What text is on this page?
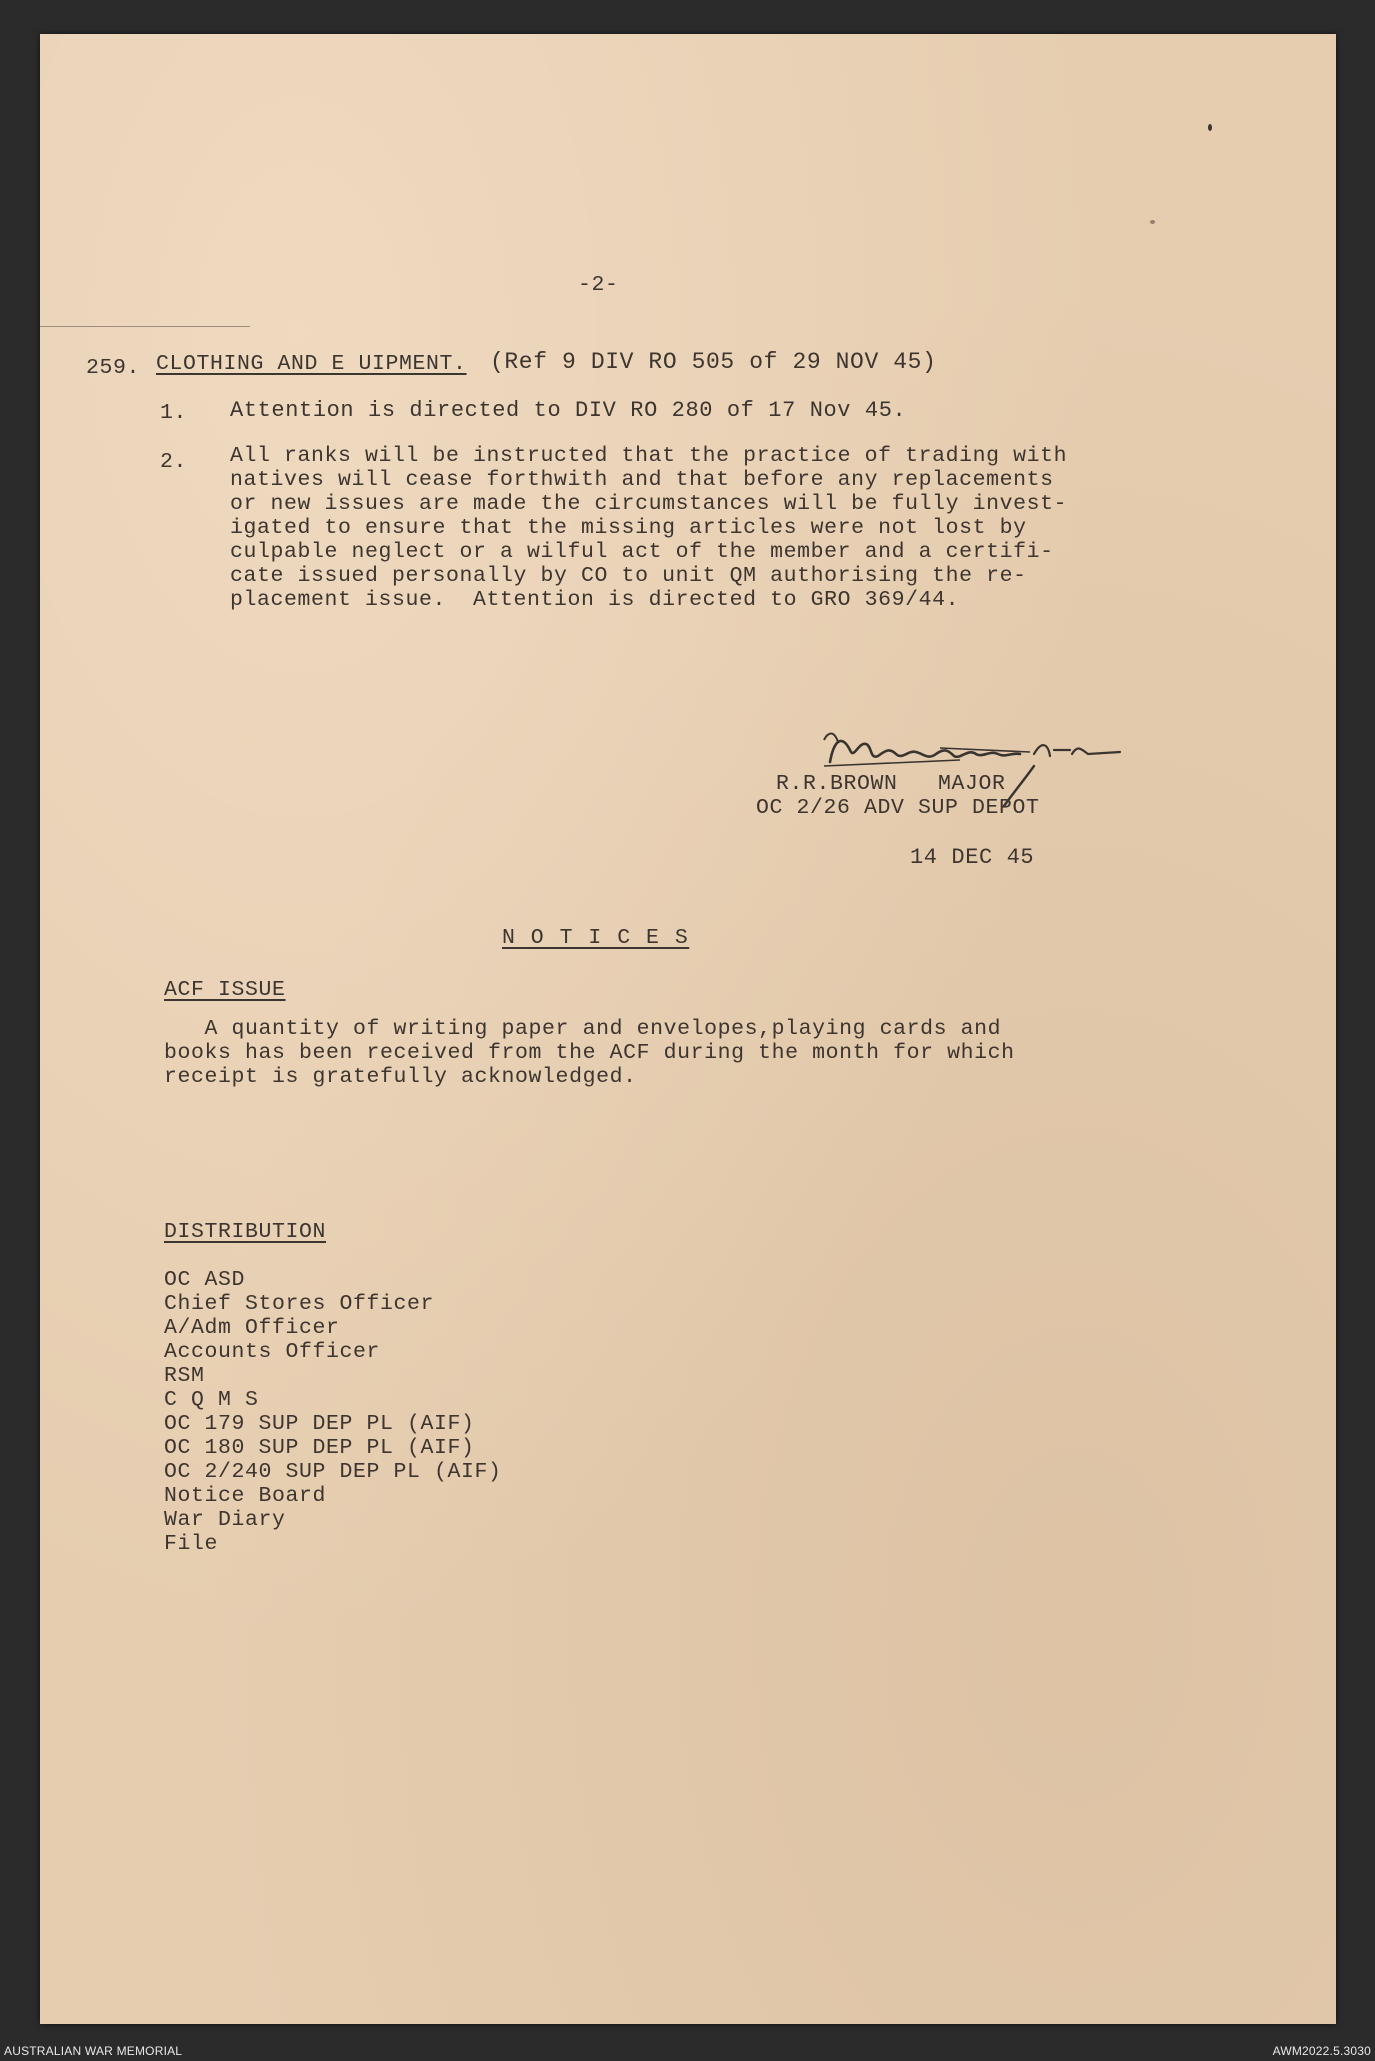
-2-
259. CLOTHING AND E UIPMENT. (Ref 9 DIV RO 505 of 29 NOV 45)
1. Attention is directed to DIV RO 280 of 17 Nov 45.
2. All ranks will be instructed that the practice of trading with
natives will cease forthwith and that before any replacements
or new issues are made the circumstances will be fully invest-
igated to ensure that the missing articles were not lost by
culpable neglect or a wilful act of the member and a certifi-
cate issued personally by CO to unit QM authorising the re-
placement issue.  Attention is directed to GRO 369/44.
R.R.BROWN   MAJOR
OC 2/26 ADV SUP DEPOT
14 DEC 45
N O T I C E S
ACF ISSUE
A quantity of writing paper and envelopes,playing cards and
books has been received from the ACF during the month for which
receipt is gratefully acknowledged.
DISTRIBUTION
OC ASD
Chief Stores Officer
A/Adm Officer
Accounts Officer
RSM
C Q M S
OC 179 SUP DEP PL (AIF)
OC 180 SUP DEP PL (AIF)
OC 2/240 SUP DEP PL (AIF)
Notice Board
War Diary
File
AUSTRALIAN WAR MEMORIAL	AWM2022.5.3030
